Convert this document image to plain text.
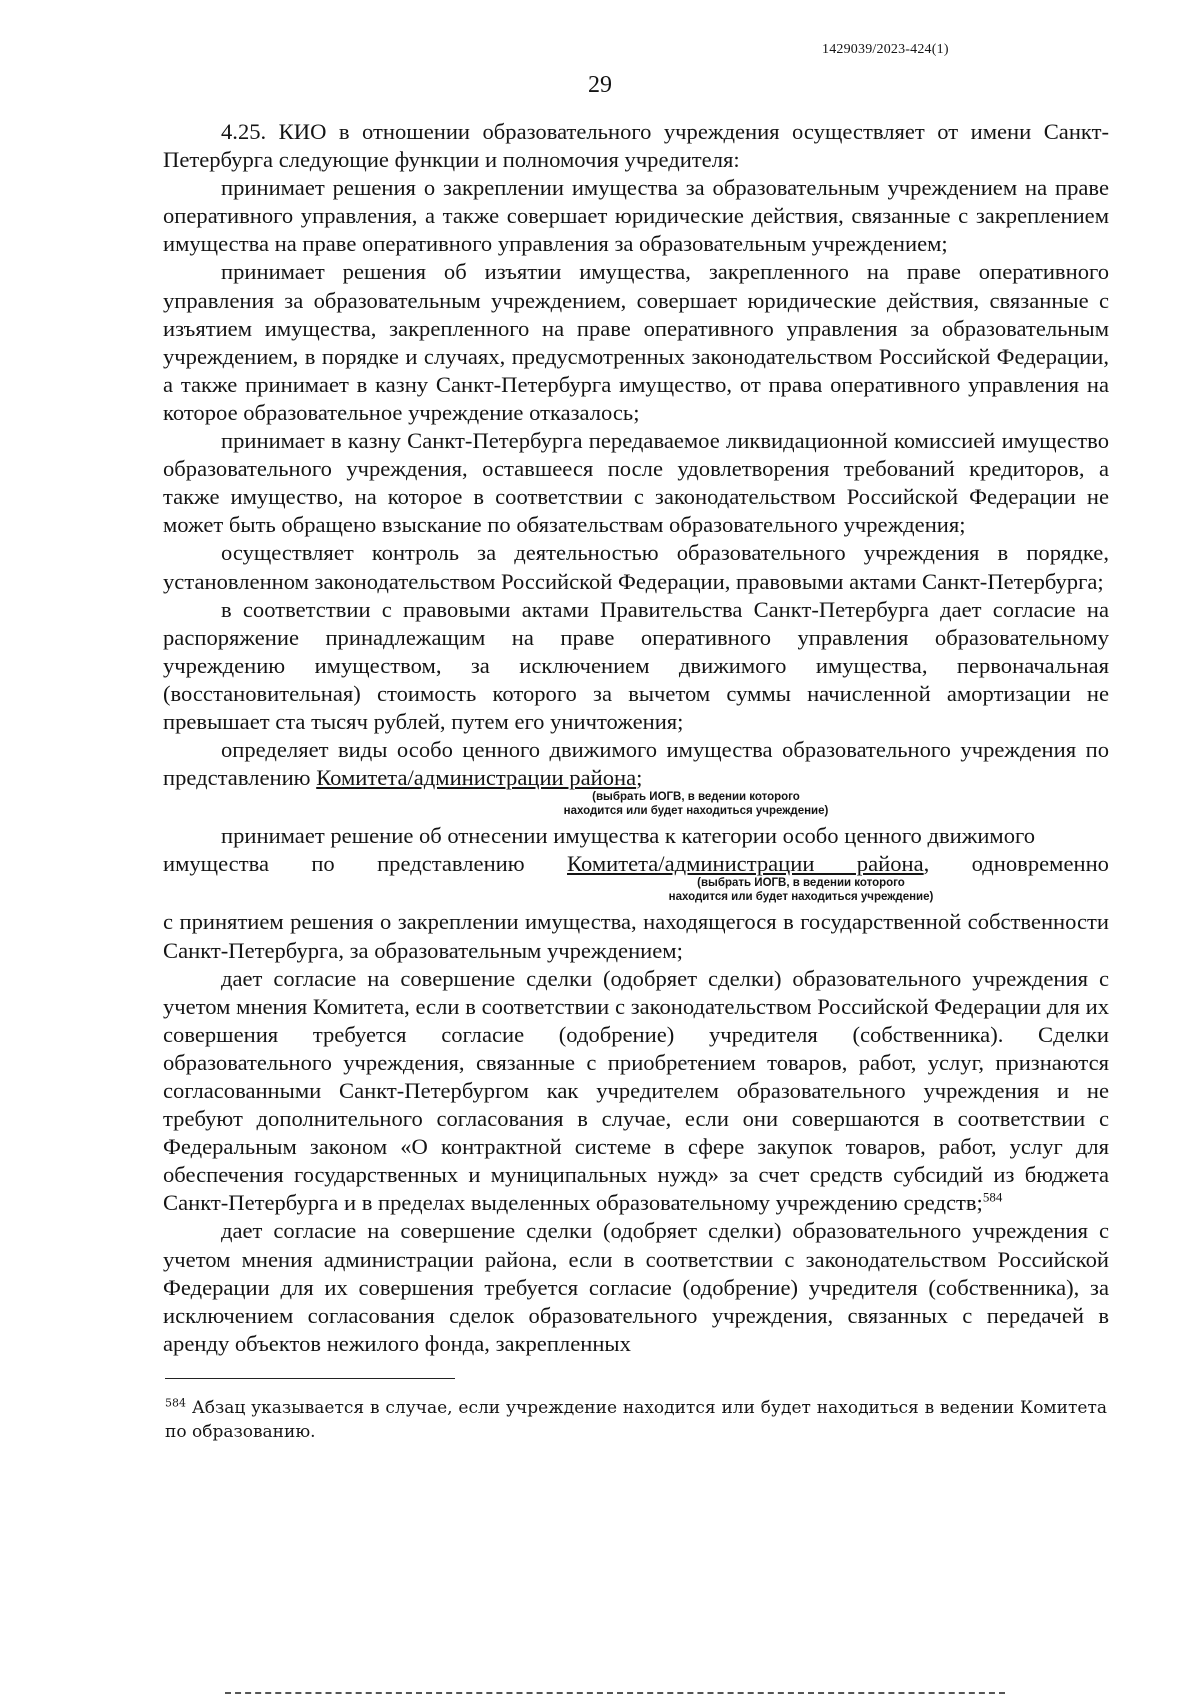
1429039/2023-424(1)
29

4.25. КИО в отношении образовательного учреждения осуществляет от имени Санкт-Петербурга следующие функции и полномочия учредителя:

принимает решения о закреплении имущества за образовательным учреждением на праве оперативного управления, а также совершает юридические действия, связанные с закреплением имущества на праве оперативного управления за образовательным учреждением;

принимает решения об изъятии имущества, закрепленного на праве оперативного управления за образовательным учреждением, совершает юридические действия, связанные с изъятием имущества, закрепленного на праве оперативного управления за образовательным учреждением, в порядке и случаях, предусмотренных законодательством Российской Федерации, а также принимает в казну Санкт-Петербурга имущество, от права оперативного управления на которое образовательное учреждение отказалось;

принимает в казну Санкт-Петербурга передаваемое ликвидационной комиссией имущество образовательного учреждения, оставшееся после удовлетворения требований кредиторов, а также имущество, на которое в соответствии с законодательством Российской Федерации не может быть обращено взыскание по обязательствам образовательного учреждения;

осуществляет контроль за деятельностью образовательного учреждения в порядке, установленном законодательством Российской Федерации, правовыми актами Санкт-Петербурга;

в соответствии с правовыми актами Правительства Санкт-Петербурга дает согласие на распоряжение принадлежащим на праве оперативного управления образовательному учреждению имуществом, за исключением движимого имущества, первоначальная (восстановительная) стоимость которого за вычетом суммы начисленной амортизации не превышает ста тысяч рублей, путем его уничтожения;

определяет виды особо ценного движимого имущества образовательного учреждения по представлению Комитета/администрации района;

(выбрать ИОГВ, в ведении которого
находится или будет находиться учреждение)

принимает решение об отнесении имущества к категории особо ценного движимого

имущества по представлению Комитета/администрации района, одновременно

(выбрать ИОГВ, в ведении которого
находится или будет находиться учреждение)

с принятием решения о закреплении имущества, находящегося в государственной собственности Санкт-Петербурга, за образовательным учреждением;

дает согласие на совершение сделки (одобряет сделки) образовательного учреждения с учетом мнения Комитета, если в соответствии с законодательством Российской Федерации для их совершения требуется согласие (одобрение) учредителя (собственника). Сделки образовательного учреждения, связанные с приобретением товаров, работ, услуг, признаются согласованными Санкт-Петербургом как учредителем образовательного учреждения и не требуют дополнительного согласования в случае, если они совершаются в соответствии с Федеральным законом «О контрактной системе в сфере закупок товаров, работ, услуг для обеспечения государственных и муниципальных нужд» за счет средств субсидий из бюджета Санкт-Петербурга и в пределах выделенных образовательному учреждению средств;$^{584}$

дает согласие на совершение сделки (одобряет сделки) образовательного учреждения с учетом мнения администрации района, если в соответствии с законодательством Российской Федерации для их совершения требуется согласие (одобрение) учредителя (собственника), за исключением согласования сделок образовательного учреждения, связанных с передачей в аренду объектов нежилого фонда, закрепленных

$^{584}$ Абзац указывается в случае, если учреждение находится или будет находиться в ведении Комитета по образованию.
